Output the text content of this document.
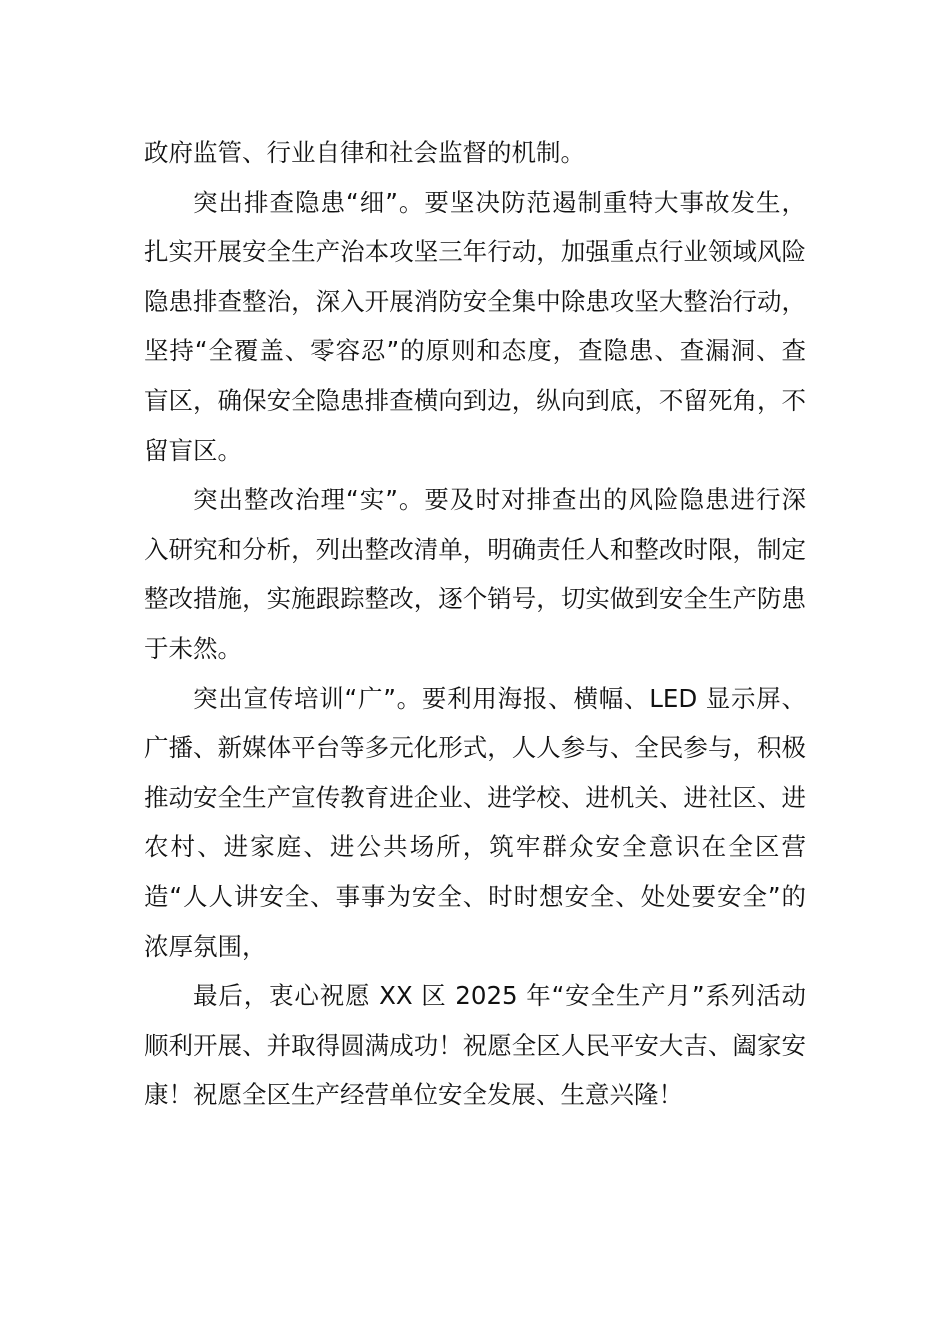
政府监管、行业自律和社会监督的机制。

突出排查隐患“细”。要坚决防范遏制重特大事故发生，扎实开展安全生产治本攻坚三年行动，加强重点行业领域风险隐患排查整治，深入开展消防安全集中除患攻坚大整治行动，坚持“全覆盖、零容忍”的原则和态度，查隐患、查漏洞、查盲区，确保安全隐患排查横向到边，纵向到底，不留死角，不留盲区。

突出整改治理“实”。要及时对排查出的风险隐患进行深入研究和分析，列出整改清单，明确责任人和整改时限，制定整改措施，实施跟踪整改，逐个销号，切实做到安全生产防患于未然。

突出宣传培训“广”。要利用海报、横幅、LED 显示屏、广播、新媒体平台等多元化形式，人人参与、全民参与，积极推动安全生产宣传教育进企业、进学校、进机关、进社区、进农村、进家庭、进公共场所，筑牢群众安全意识在全区营造“人人讲安全、事事为安全、时时想安全、处处要安全”的浓厚氛围，

最后，衷心祝愿 XX 区 2025 年“安全生产月”系列活动顺利开展、并取得圆满成功！祝愿全区人民平安大吉、阖家安康！祝愿全区生产经营单位安全发展、生意兴隆！
